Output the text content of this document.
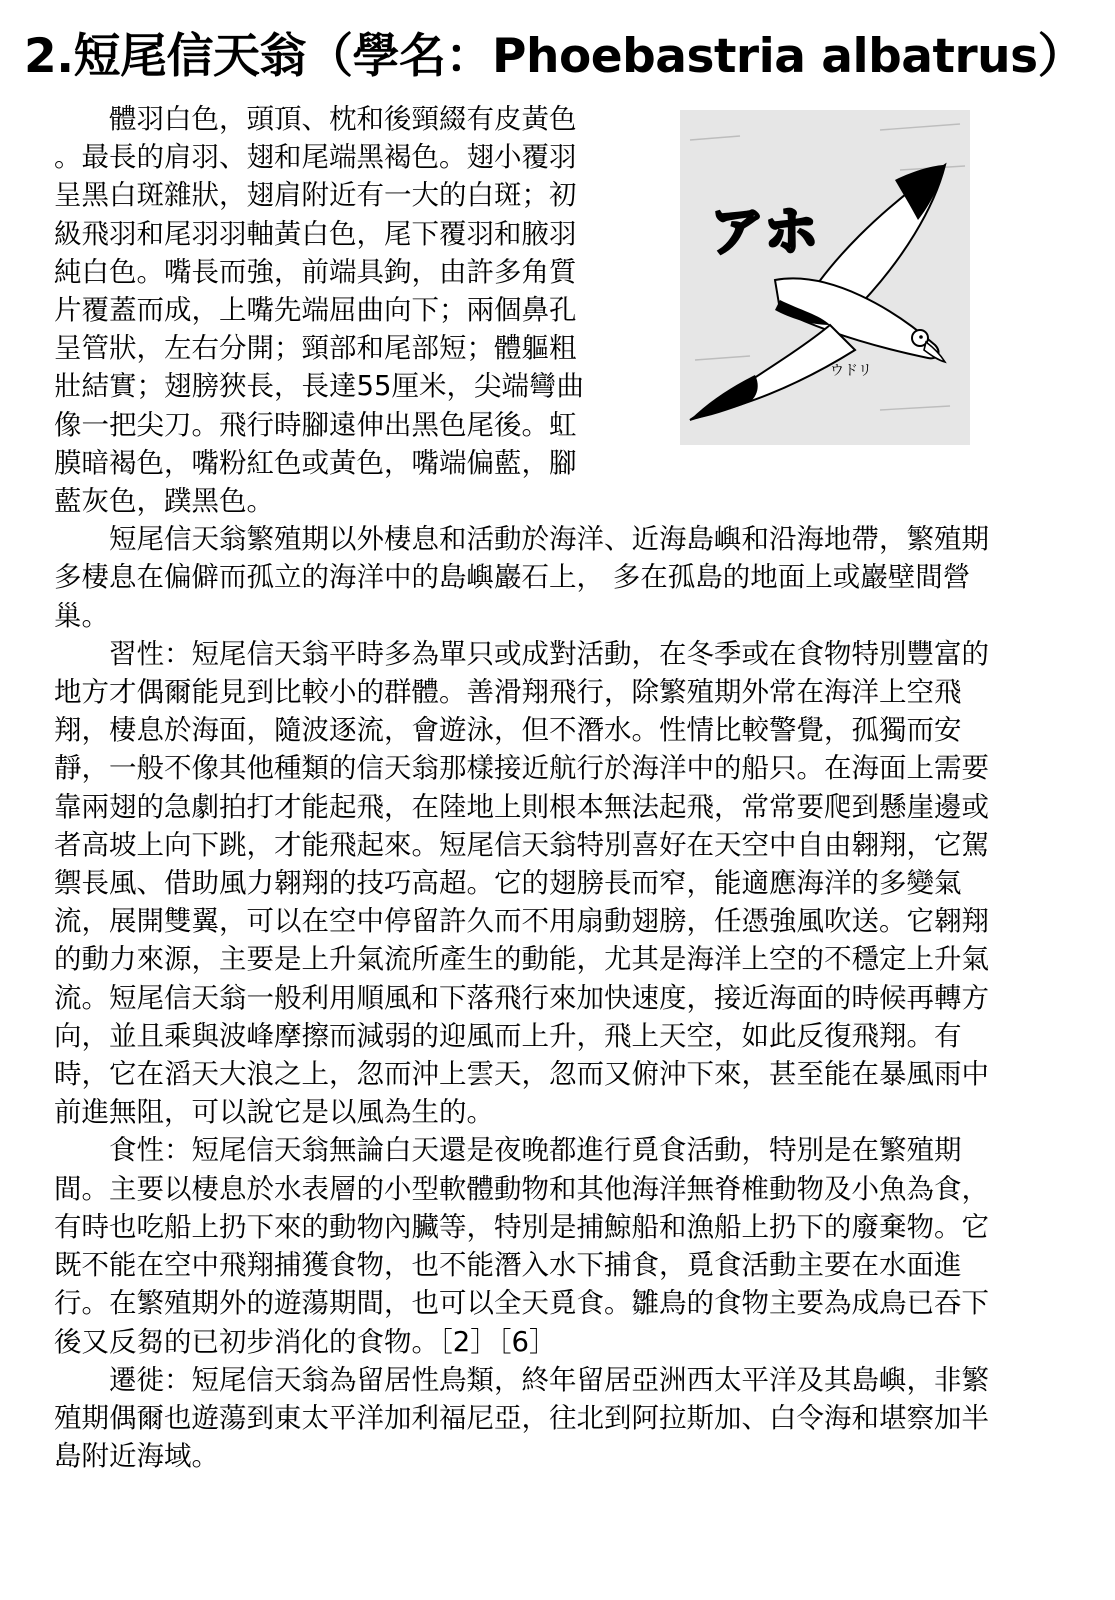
2.短尾信天翁（學名：Phoebastria albatrus）
アホ
ウドリ

　　體羽白色，頭頂、枕和後頸綴有皮黃色

。最長的肩羽、翅和尾端黑褐色。翅小覆羽

呈黑白斑雜狀，翅肩附近有一大的白斑；初

級飛羽和尾羽羽軸黃白色，尾下覆羽和腋羽

純白色。嘴長而強，前端具鉤，由許多角質

片覆蓋而成，上嘴先端屈曲向下；兩個鼻孔

呈管狀，左右分開；頸部和尾部短；體軀粗

壯結實；翅膀狹長，長達55厘米，尖端彎曲

像一把尖刀。飛行時腳遠伸出黑色尾後。虹

膜暗褐色，嘴粉紅色或黃色，嘴端偏藍，腳

藍灰色，蹼黑色。

短尾信天翁繁殖期以外棲息和活動於海洋、近海島嶼和沿海地帶，繁殖期多棲息在偏僻而孤立的海洋中的島嶼巖石上， 多在孤島的地面上或巖壁間營巢。

習性：短尾信天翁平時多為單只或成對活動，在冬季或在食物特別豐富的地方才偶爾能見到比較小的群體。善滑翔飛行，除繁殖期外常在海洋上空飛翔，棲息於海面，隨波逐流，會遊泳，但不潛水。性情比較警覺，孤獨而安靜，一般不像其他種類的信天翁那樣接近航行於海洋中的船只。在海面上需要靠兩翅的急劇拍打才能起飛，在陸地上則根本無法起飛，常常要爬到懸崖邊或者高坡上向下跳，才能飛起來。短尾信天翁特別喜好在天空中自由翱翔，它駕禦長風、借助風力翱翔的技巧高超。它的翅膀長而窄，能適應海洋的多變氣流，展開雙翼，可以在空中停留許久而不用扇動翅膀，任憑強風吹送。它翱翔的動力來源，主要是上升氣流所產生的動能，尤其是海洋上空的不穩定上升氣流。短尾信天翁一般利用順風和下落飛行來加快速度，接近海面的時候再轉方向，並且乘與波峰摩擦而減弱的迎風而上升，飛上天空，如此反復飛翔。有時，它在滔天大浪之上，忽而沖上雲天，忽而又俯沖下來，甚至能在暴風雨中前進無阻，可以說它是以風為生的。

食性：短尾信天翁無論白天還是夜晚都進行覓食活動，特別是在繁殖期間。主要以棲息於水表層的小型軟體動物和其他海洋無脊椎動物及小魚為食，有時也吃船上扔下來的動物內臟等，特別是捕鯨船和漁船上扔下的廢棄物。它既不能在空中飛翔捕獲食物，也不能潛入水下捕食，覓食活動主要在水面進行。在繁殖期外的遊蕩期間，也可以全天覓食。雛鳥的食物主要為成鳥已吞下後又反芻的已初步消化的食物。［2］［6］

遷徙：短尾信天翁為留居性鳥類，終年留居亞洲西太平洋及其島嶼，非繁殖期偶爾也遊蕩到東太平洋加利福尼亞，往北到阿拉斯加、白令海和堪察加半島附近海域。
